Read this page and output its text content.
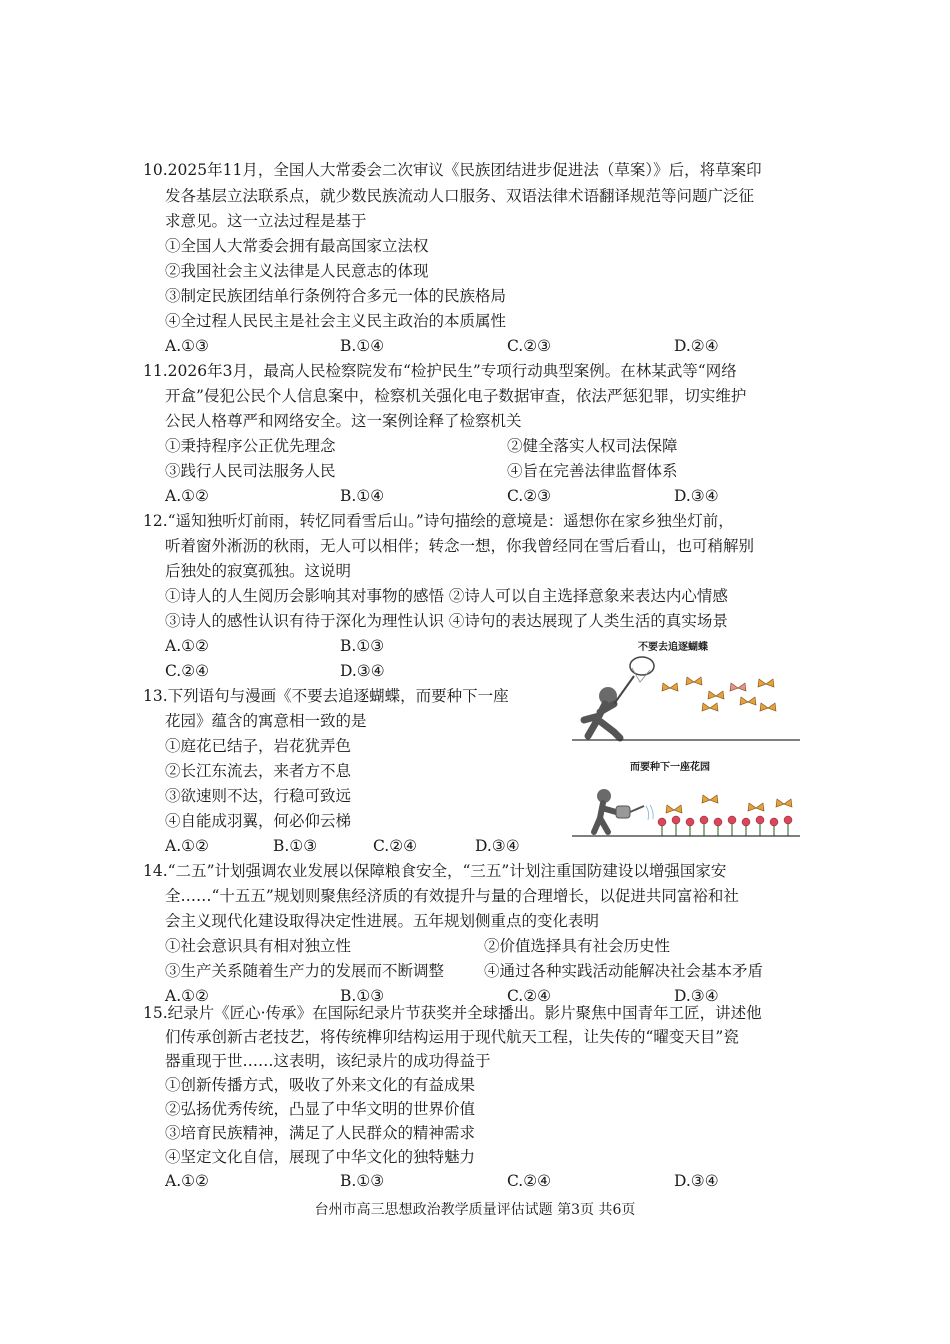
10.2025年11月，全国人大常委会二次审议《民族团结进步促进法（草案）》后，将草案印
发各基层立法联系点，就少数民族流动人口服务、双语法律术语翻译规范等问题广泛征
求意见。这一立法过程是基于
①全国人大常委会拥有最高国家立法权
②我国社会主义法律是人民意志的体现
③制定民族团结单行条例符合多元一体的民族格局
④全过程人民民主是社会主义民主政治的本质属性
A.①③	B.①④	C.②③	D.②④
11.2026年3月，最高人民检察院发布“检护民生”专项行动典型案例。在林某武等“网络
开盒”侵犯公民个人信息案中，检察机关强化电子数据审查，依法严惩犯罪，切实维护
公民人格尊严和网络安全。这一案例诠释了检察机关
①秉持程序公正优先理念	②健全落实人权司法保障
③践行人民司法服务人民	④旨在完善法律监督体系
A.①②	B.①④	C.②③	D.③④
12.“遥知独听灯前雨，转忆同看雪后山。”诗句描绘的意境是：遥想你在家乡独坐灯前，
听着窗外淅沥的秋雨，无人可以相伴；转念一想，你我曾经同在雪后看山，也可稍解别
后独处的寂寞孤独。这说明
①诗人的人生阅历会影响其对事物的感悟 ②诗人可以自主选择意象来表达内心情感
③诗人的感性认识有待于深化为理性认识 ④诗句的表达展现了人类生活的真实场景
A.①②	B.①③
C.②④	D.③④
13.下列语句与漫画《不要去追逐蝴蝶，而要种下一座
花园》蕴含的寓意相一致的是
①庭花已结子，岩花犹弄色
②长江东流去，来者方不息
③欲速则不达，行稳可致远
④自能成羽翼，何必仰云梯
A.①②	B.①③	C.②④	D.③④
不要去追逐蝴蝶
而要种下一座花园
14.“二五”计划强调农业发展以保障粮食安全，“三五”计划注重国防建设以增强国家安
全……“十五五”规划则聚焦经济质的有效提升与量的合理增长，以促进共同富裕和社
会主义现代化建设取得决定性进展。五年规划侧重点的变化表明
①社会意识具有相对独立性	②价值选择具有社会历史性
③生产关系随着生产力的发展而不断调整	④通过各种实践活动能解决社会基本矛盾
A.①②	B.①③	C.②④	D.③④
15.纪录片《匠心·传承》在国际纪录片节获奖并全球播出。影片聚焦中国青年工匠，讲述他
们传承创新古老技艺，将传统榫卯结构运用于现代航天工程，让失传的“曜变天目”瓷
器重现于世……这表明，该纪录片的成功得益于
①创新传播方式，吸收了外来文化的有益成果
②弘扬优秀传统，凸显了中华文明的世界价值
③培育民族精神，满足了人民群众的精神需求
④坚定文化自信，展现了中华文化的独特魅力
A.①②	B.①③	C.②④	D.③④
台州市高三思想政治教学质量评估试题 第3页 共6页
